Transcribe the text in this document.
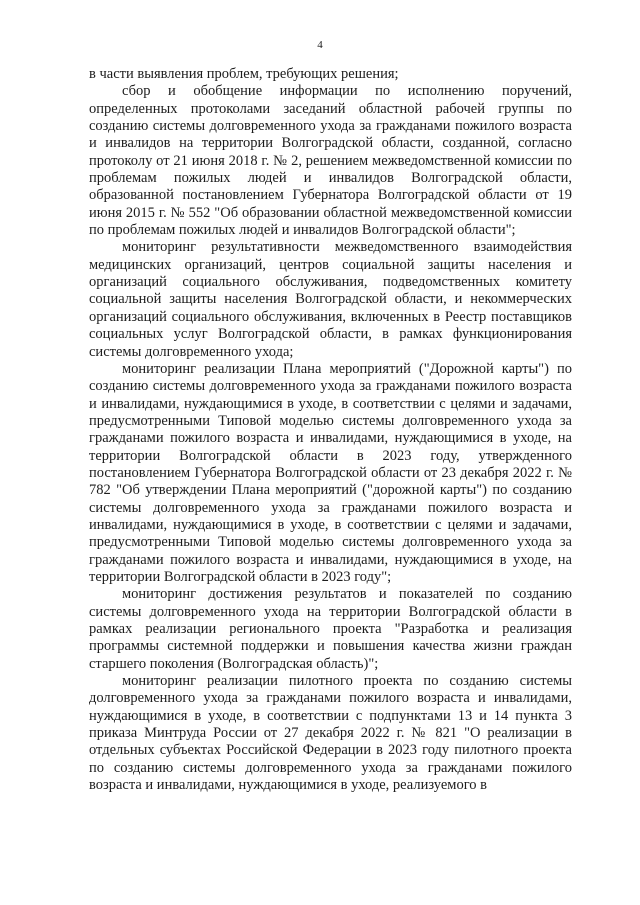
4

в части выявления проблем, требующих решения;

сбор и обобщение информации по исполнению поручений, определенных протоколами заседаний областной рабочей группы по созданию системы долговременного ухода за гражданами пожилого возраста и инвалидов на территории Волгоградской области, созданной, согласно протоколу от 21 июня 2018 г. № 2, решением межведомственной комиссии по проблемам пожилых людей и инвалидов Волгоградской области, образованной постановлением Губернатора Волгоградской области от 19 июня 2015 г. № 552 "Об образовании областной межведомственной комиссии по проблемам пожилых людей и инвалидов Волгоградской области";

мониторинг результативности межведомственного взаимодействия медицинских организаций, центров социальной защиты населения и организаций социального обслуживания, подведомственных комитету социальной защиты населения Волгоградской области, и некоммерческих организаций социального обслуживания, включенных в Реестр поставщиков социальных услуг Волгоградской области, в рамках функционирования системы долговременного ухода;

мониторинг реализации Плана мероприятий ("Дорожной карты") по созданию системы долговременного ухода за гражданами пожилого возраста и инвалидами, нуждающимися в уходе, в соответствии с целями и задачами, предусмотренными Типовой моделью системы долговременного ухода за гражданами пожилого возраста и инвалидами, нуждающимися в уходе, на территории Волгоградской области в 2023 году, утвержденного постановлением Губернатора Волгоградской области от 23 декабря 2022 г. № 782 "Об утверждении Плана мероприятий ("дорожной карты") по созданию системы долговременного ухода за гражданами пожилого возраста и инвалидами, нуждающимися в уходе, в соответствии с целями и задачами, предусмотренными Типовой моделью системы долговременного ухода за гражданами пожилого возраста и инвалидами, нуждающимися в уходе, на территории Волгоградской области в 2023 году";

мониторинг достижения результатов и показателей по созданию системы долговременного ухода на территории Волгоградской области в рамках реализации регионального проекта "Разработка и реализация программы системной поддержки и повышения качества жизни граждан старшего поколения (Волгоградская область)";

мониторинг реализации пилотного проекта по созданию системы долговременного ухода за гражданами пожилого возраста и инвалидами, нуждающимися в уходе, в соответствии с подпунктами 13 и 14 пункта 3 приказа Минтруда России от 27 декабря 2022 г. № 821 "О реализации в отдельных субъектах Российской Федерации в 2023 году пилотного проекта по созданию системы долговременного ухода за гражданами пожилого возраста и инвалидами, нуждающимися в уходе, реализуемого в
